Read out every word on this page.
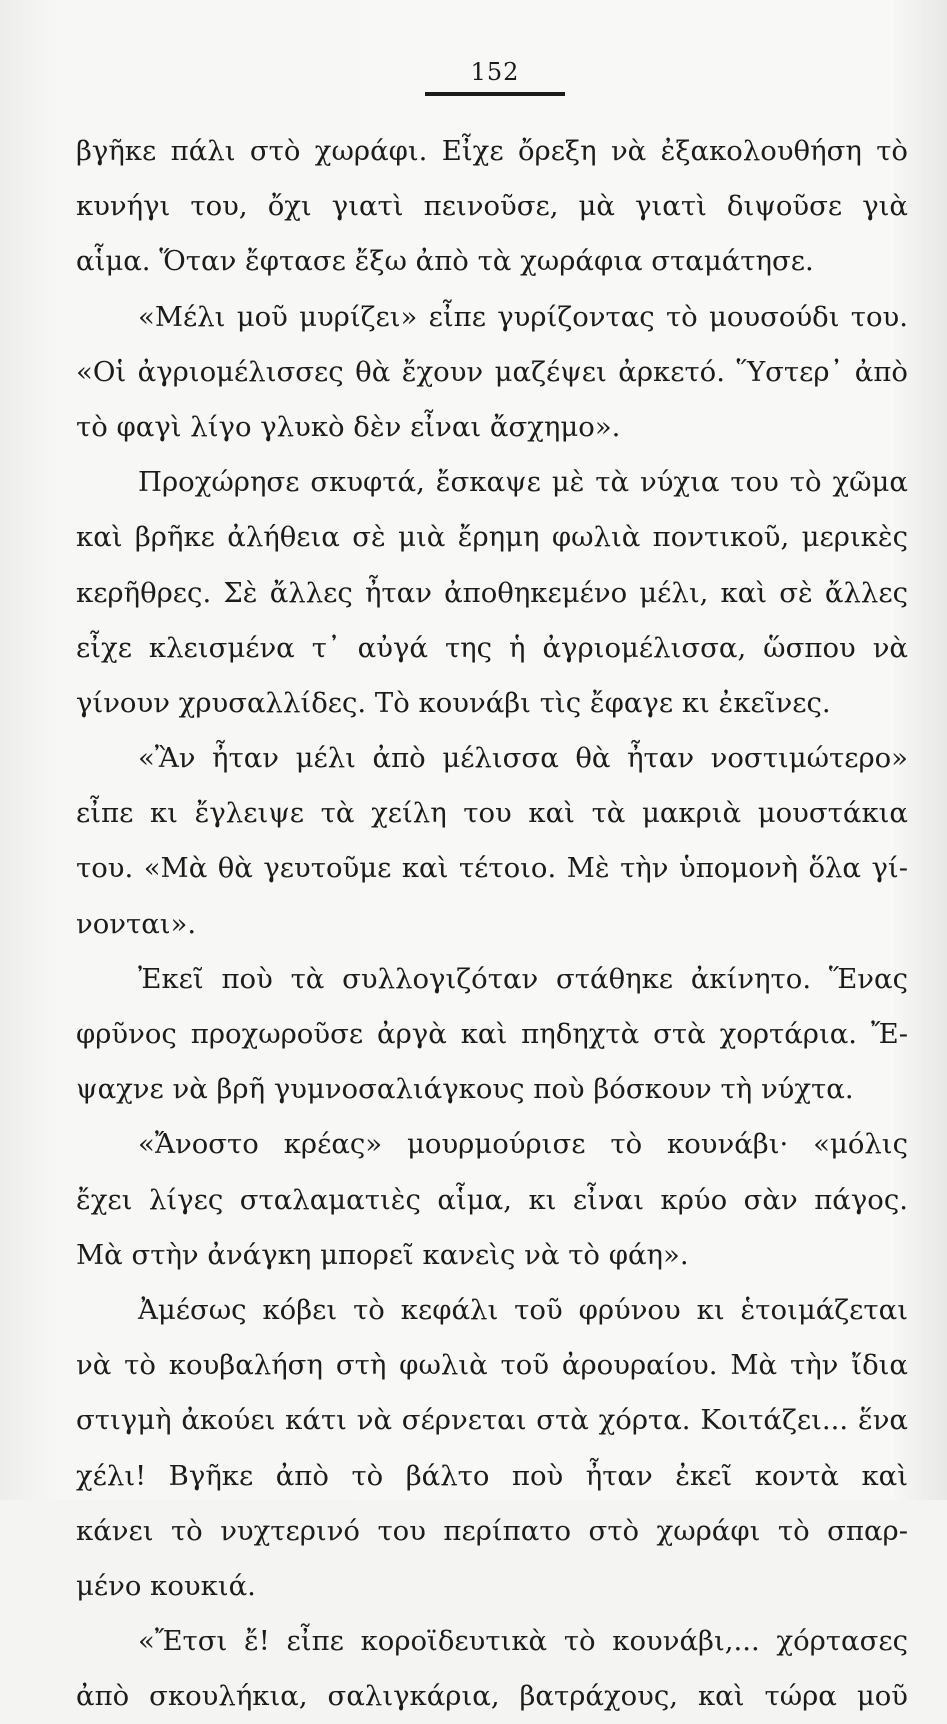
152
βγῆκε πάλι στὸ χωράφι. Εἶχε ὄρεξη νὰ ἐξακολουθήση τὸ
κυνήγι του, ὄχι γιατὶ πεινοῦσε, μὰ γιατὶ διψοῦσε γιὰ
αἷμα. Ὅταν ἔφτασε ἔξω ἀπὸ τὰ χωράφια σταμάτησε.
«Μέλι μοῦ μυρίζει» εἶπε γυρίζοντας τὸ μουσούδι του.
«Οἱ ἀγριομέλισσες θὰ ἔχουν μαζέψει ἀρκετό. Ὕστερ᾽ ἀπὸ
τὸ φαγὶ λίγο γλυκὸ δὲν εἶναι ἄσχημο».
Προχώρησε σκυφτά, ἔσκαψε μὲ τὰ νύχια του τὸ χῶμα
καὶ βρῆκε ἀλήθεια σὲ μιὰ ἔρημη φωλιὰ ποντικοῦ, μερικὲς
κερῆθρες. Σὲ ἄλλες ἦταν ἀποθηκεμένο μέλι, καὶ σὲ ἄλλες
εἶχε κλεισμένα τ᾽ αὐγά της ἡ ἀγριομέλισσα, ὥσπου νὰ
γίνουν χρυσαλλίδες. Τὸ κουνάβι τὶς ἔφαγε κι ἐκεῖνες.
«Ἂν ἦταν μέλι ἀπὸ μέλισσα θὰ ἦταν νοστιμώτερο»
εἶπε κι ἔγλειψε τὰ χείλη του καὶ τὰ μακριὰ μουστάκια
του. «Μὰ θὰ γευτοῦμε καὶ τέτοιο. Μὲ τὴν ὑπομονὴ ὅλα γί-
νονται».
Ἐκεῖ ποὺ τὰ συλλογιζόταν στάθηκε ἀκίνητο. Ἕνας
φρῦνος προχωροῦσε ἀργὰ καὶ πηδηχτὰ στὰ χορτάρια. Ἔ-
ψαχνε νὰ βρῆ γυμνοσαλιάγκους ποὺ βόσκουν τὴ νύχτα.
«Ἄνοστο κρέας» μουρμούρισε τὸ κουνάβι· «μόλις
ἔχει λίγες σταλαματιὲς αἷμα, κι εἶναι κρύο σὰν πάγος.
Μὰ στὴν ἀνάγκη μπορεῖ κανεὶς νὰ τὸ φάη».
Ἀμέσως κόβει τὸ κεφάλι τοῦ φρύνου κι ἑτοιμάζεται
νὰ τὸ κουβαλήση στὴ φωλιὰ τοῦ ἀρουραίου. Μὰ τὴν ἴδια
στιγμὴ ἀκούει κάτι νὰ σέρνεται στὰ χόρτα. Κοιτάζει... ἕνα
χέλι! Βγῆκε ἀπὸ τὸ βάλτο ποὺ ἦταν ἐκεῖ κοντὰ καὶ
κάνει τὸ νυχτερινό του περίπατο στὸ χωράφι τὸ σπαρ-
μένο κουκιά.
«Ἔτσι ἔ! εἶπε κοροϊδευτικὰ τὸ κουνάβι,... χόρτασες
ἀπὸ σκουλήκια, σαλιγκάρια, βατράχους, καὶ τώρα μοῦ
